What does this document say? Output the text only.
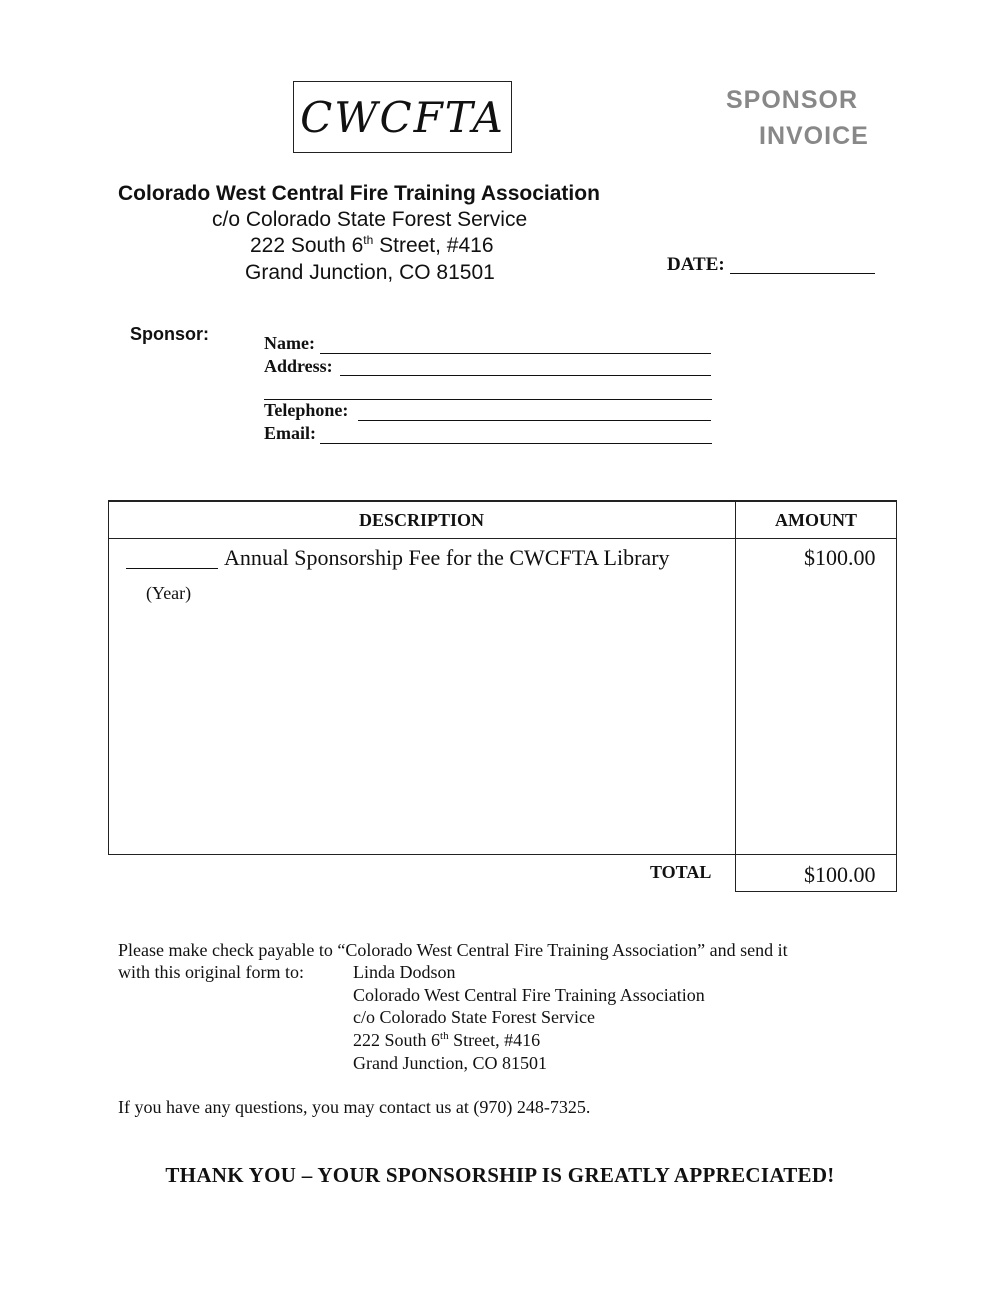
CWCFTA	SPONSOR
INVOICE
Colorado West Central Fire Training Association
c/o Colorado State Forest Service
222 South 6th Street, #416
Grand Junction, CO 81501	DATE:
Sponsor:	Name:
Address:
Telephone:
Email:
DESCRIPTION	AMOUNT
Annual Sponsorship Fee for the CWCFTA Library	$100.00
(Year)
TOTAL	$100.00
Please make check payable to “Colorado West Central Fire Training Association” and send it
with this original form to:	Linda Dodson
Colorado West Central Fire Training Association
c/o Colorado State Forest Service
222 South 6th Street, #416
Grand Junction, CO 81501
If you have any questions, you may contact us at (970) 248-7325.
THANK YOU – YOUR SPONSORSHIP IS GREATLY APPRECIATED!
